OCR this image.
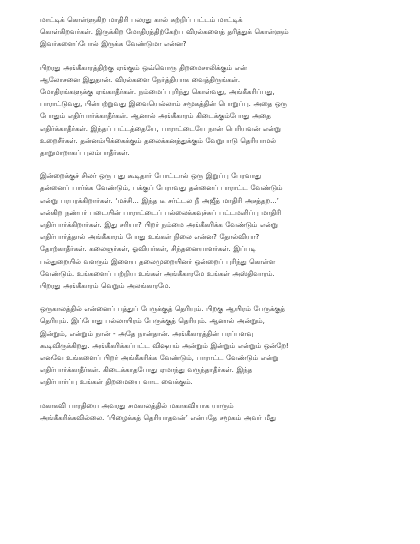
மாட்டிக் கொள்ளுகிற மாதிரி பலரது கால் சுற்றிப் பட்டம் மாட்டிக்
கொள்கிறவர்கள். இருக்கிற மோதிரத்திற்கேற்ப விரல்களைத் தரித்துக் கொள்ளும்
இவர்களைப்போல் இருக்க வேண்டுமா என்ன?
பிறரது அங்கீகாரத்திற்கு ஏங்கும் ஒவ்வொரு திறமைசாலிக்கும் என்
ஆலோசனை இதுதான். விரல்களை நேர்த்தியாக வைத்திருங்கள்.
மோதிரங்களுக்கு ஏங்காதீர்கள். நம்மைப் புரிந்து கொள்வது, அங்கீகரிப்பது,
பாராட்டுவது, பின்பற்றுவது இவையெல்லாம் சமூகத்தின் பொறுப்பு. அதை ஒரு
போதும் எதிர்பார்க்காதீர்கள். ஆனால் அங்கீகாரம் கிடைக்கும்போது அதை
எதிர்க்காதீர்கள். இந்தப் பட்டத்தையே, பாராட்டையே நான் பெரியவன் என்று
உறைசீர்கள். தன்னம்பிக்கைக்கும் தலைக்கனத்துக்கும் வேறுபாடு தெரியாமல்
தாறுமாறாகப் புலம்பாதீர்கள்.
இன்றைக்குச் சிலர் ஒரு புது கூடிதார் போட்டால் ஒரு இறுப்பு பேரவாது
தன்னைப் பார்க்க வேண்டும், பக்குப் பேராவது தன்னைப் பாராட்ட வேண்டும்
என்று பரபரக்கிறார்கள். ‘மச்சி... இந்த டீ சர்ட்டல நீ அஜீத் மாதிரி அசத்தற...’
என்கிற நண்பர் படையின் பாராட்டைப் பல்லைக்கவுச்சுப் பட்டமளிப்பு மாதிரி
எதிர்பார்க்கிறார்கள். இது சரியா? பிறர் நம்மை அங்கீகரிக்க வேண்டும் என்று
எதிர்பார்த்தால் அங்கீகாரம் போது உங்கள் நிலை என்ன? தோல்வியா?
தோற்காதீர்கள். கலைஞர்கள், ஓவியர்கள், சிந்தனையாளர்கள். இப்படி
பல்துறையில் வளரும் இளைய தலைமுறையினர் ஒன்றைப் புரிந்து கொள்ள
வேண்டும். உங்களைப் பற்றிய உங்கள் அங்கீகாரமே உங்கள் அஸ்திவாரம்.
பிறரது அங்கீகாரம் வெறும் அலங்காரமே.
ஒருகாலத்தில் என்னைப் பத்துப் பேருக்குத் தெரியும். பிறகு ஆயிரம் பேருக்குத்
தெரியும். இப்போது பல்லாயிரம் பேருக்குத் தெரியும். ஆனால் அன்றும்,
இன்றும், என்றும் நான் - அதே நான்தான். அங்கீகாரத்தின் பரப்பளவு
கூடிவிருக்கிறது. அங்கீகரிக்கப்பட்ட விஷயம் அன்றும் இன்றும் என்றும் ஒன்றே!
எனவே உங்களைப் பிறர் அங்கீகரிக்க வேண்டும், பாராட்ட வேண்டும் என்று
எதிர்பார்க்காதீர்கள். கிடைக்காதபோது ஏமாந்து வருந்தாதீர்கள். இந்த
எதிர்பார்ப்பு உங்கள் திறமையை வாட வைக்கும்.
மகாகவி பாரதியை அவரது சமகாலத்தில் மகாகவியாக யாரும்
அங்கீகரிக்கவில்லை. ‘பிழைக்கத் தெரியாதவன்’ என்பதே சமூகம் அவர் மீது
